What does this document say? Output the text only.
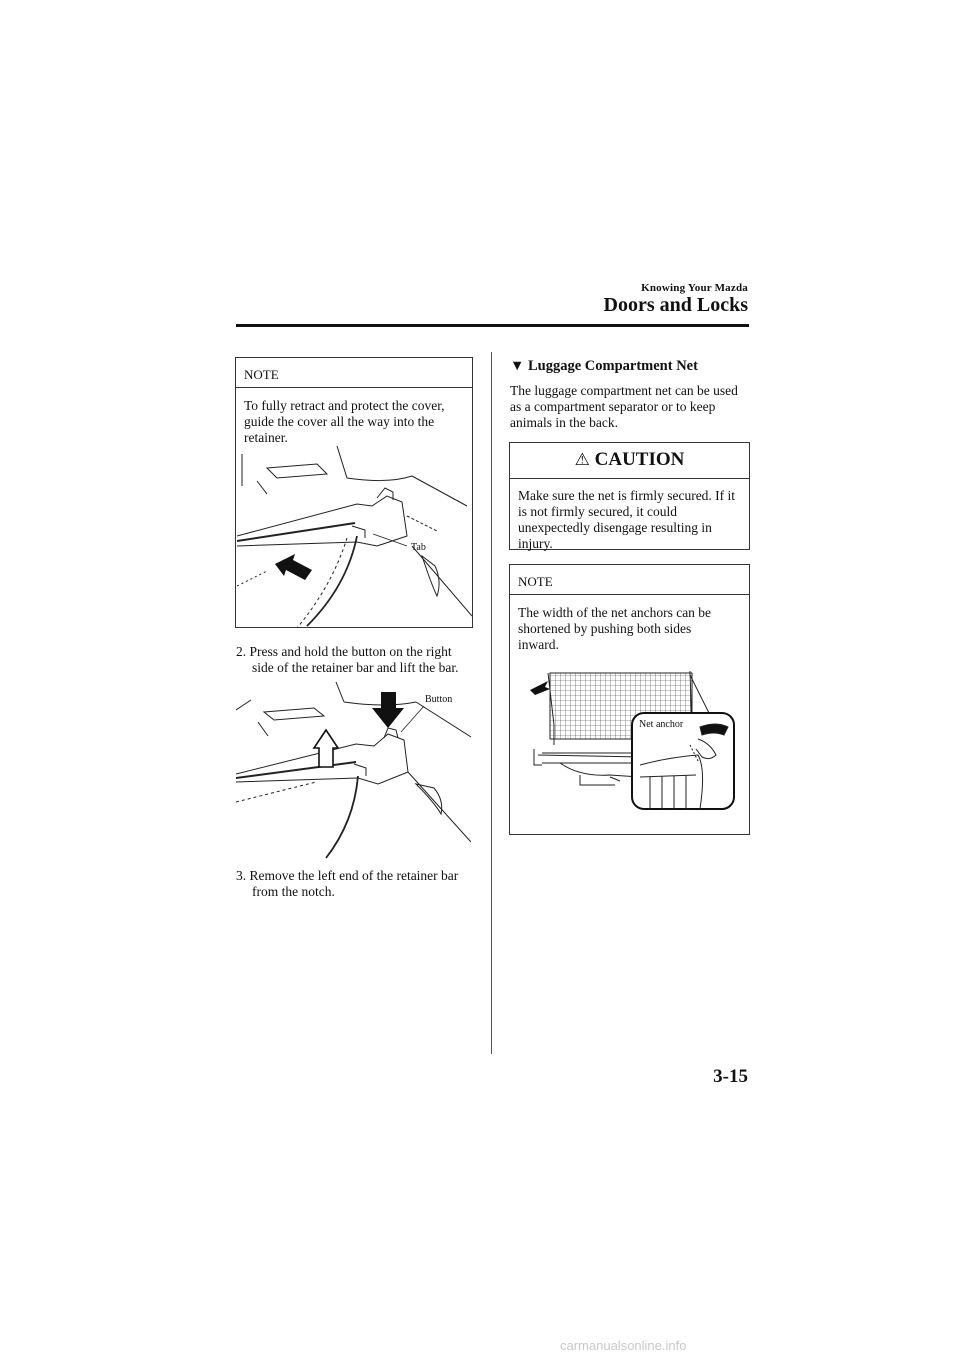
Knowing Your Mazda
Doors and Locks
NOTE
To fully retract and protect the cover, guide the cover all the way into the retainer.
Tab
2. Press and hold the button on the right
side of the retainer bar and lift the bar.
Button
3. Remove the left end of the retainer bar
from the notch.
▼ Luggage Compartment Net
The luggage compartment net can be used as a compartment separator or to keep animals in the back.
⚠ CAUTION
Make sure the net is firmly secured. If it is not firmly secured, it could unexpectedly disengage resulting in injury.
NOTE
The width of the net anchors can be shortened by pushing both sides inward.
Net anchor
3-15
carmanualsonline.info
